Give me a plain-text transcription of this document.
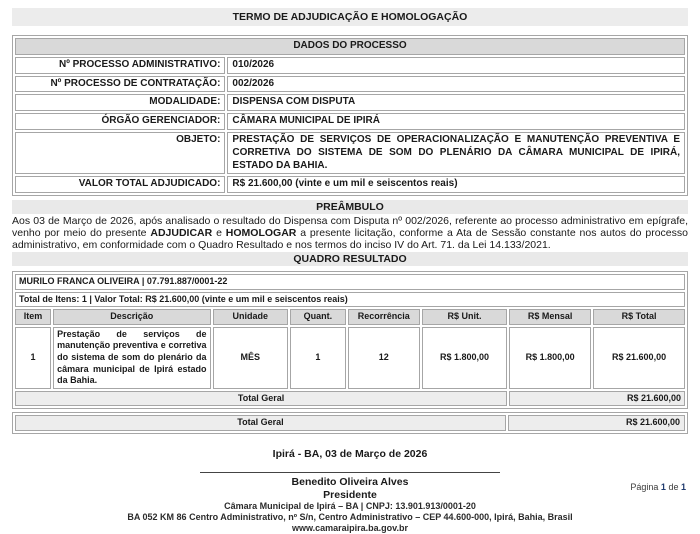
TERMO DE ADJUDICAÇÃO E HOMOLOGAÇÃO
DADOS DO PROCESSO	
Nº PROCESSO ADMINISTRATIVO:	010/2026
Nº PROCESSO DE CONTRATAÇÃO:	002/2026
MODALIDADE:	DISPENSA COM DISPUTA
ÓRGÃO GERENCIADOR:	CÂMARA MUNICIPAL DE IPIRÁ
OBJETO:	PRESTAÇÃO DE SERVIÇOS DE OPERACIONALIZAÇÃO E MANUTENÇÃO PREVENTIVA E CORRETIVA DO SISTEMA DE SOM DO PLENÁRIO DA CÂMARA MUNICIPAL DE IPIRÁ, ESTADO DA BAHIA.
VALOR TOTAL ADJUDICADO:	R$ 21.600,00 (vinte e um mil e seiscentos reais)
PREÂMBULO

Aos 03 de Março de 2026, após analisado o resultado do Dispensa com Disputa nº 002/2026, referente ao processo administrativo em epígrafe, venho por meio do presente ADJUDICAR e HOMOLOGAR a presente licitação, conforme a Ata de Sessão constante nos autos do processo administrativo, em conformidade com o Quadro Resultado e nos termos do inciso IV do Art. 71. da Lei 14.133/2021.

QUADRO RESULTADO
MURILO FRANCA OLIVEIRA | 07.791.887/0001-22							
Total de Itens: 1 | Valor Total: R$ 21.600,00 (vinte e um mil e seiscentos reais)							
Item	Descrição	Unidade	Quant.	Recorrência	R$ Unit.	R$ Mensal	R$ Total
1	Prestação de serviços de manutenção preventiva e corretiva do sistema de som do plenário da câmara municipal de Ipirá estado da Bahia.	MÊS	1	12	R$ 1.800,00	R$ 1.800,00	R$ 21.600,00
Total Geral						R$ 21.600,00	
Total Geral	R$ 21.600,00
Ipirá - BA, 03 de Março de 2026
Benedito Oliveira Alves
Presidente
Câmara Municipal de Ipirá – BA | CNPJ: 13.901.913/0001-20
BA 052 KM 86 Centro Administrativo, nº S/n, Centro Administrativo – CEP 44.600-000, Ipirá, Bahia, Brasil
www.camaraipira.ba.gov.br
Página 1 de 1
